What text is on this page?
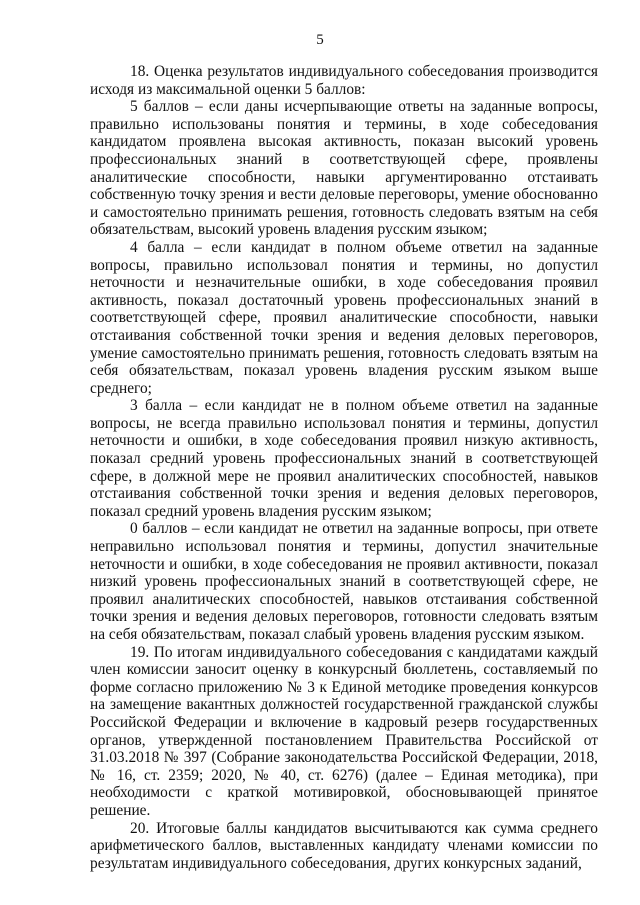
5

18. Оценка результатов индивидуального собеседования производится исходя из максимальной оценки 5 баллов:

5 баллов – если даны исчерпывающие ответы на заданные вопросы, правильно использованы понятия и термины, в ходе собеседования кандидатом проявлена высокая активность, показан высокий уровень профессиональных знаний в соответствующей сфере, проявлены аналитические способности, навыки аргументированно отстаивать собственную точку зрения и вести деловые переговоры, умение обоснованно и самостоятельно принимать решения, готовность следовать взятым на себя обязательствам, высокий уровень владения русским языком;

4 балла – если кандидат в полном объеме ответил на заданные вопросы, правильно использовал понятия и термины, но допустил неточности и незначительные ошибки, в ходе собеседования проявил активность, показал достаточный уровень профессиональных знаний в соответствующей сфере, проявил аналитические способности, навыки отстаивания собственной точки зрения и ведения деловых переговоров, умение самостоятельно принимать решения, готовность следовать взятым на себя обязательствам, показал уровень владения русским языком выше среднего;

3 балла – если кандидат не в полном объеме ответил на заданные вопросы, не всегда правильно использовал понятия и термины, допустил неточности и ошибки, в ходе собеседования проявил низкую активность, показал средний уровень профессиональных знаний в соответствующей сфере, в должной мере не проявил аналитических способностей, навыков отстаивания собственной точки зрения и ведения деловых переговоров, показал средний уровень владения русским языком;

0 баллов – если кандидат не ответил на заданные вопросы, при ответе неправильно использовал понятия и термины, допустил значительные неточности и ошибки, в ходе собеседования не проявил активности, показал низкий уровень профессиональных знаний в соответствующей сфере, не проявил аналитических способностей, навыков отстаивания собственной точки зрения и ведения деловых переговоров, готовности следовать взятым на себя обязательствам, показал слабый уровень владения русским языком.

19. По итогам индивидуального собеседования с кандидатами каждый член комиссии заносит оценку в конкурсный бюллетень, составляемый по форме согласно приложению № 3 к Единой методике проведения конкурсов на замещение вакантных должностей государственной гражданской службы Российской Федерации и включение в кадровый резерв государственных органов, утвержденной постановлением Правительства Российской от 31.03.2018 № 397 (Собрание законодательства Российской Федерации, 2018, № 16, ст. 2359; 2020, № 40, ст. 6276) (далее – Единая методика), при необходимости с краткой мотивировкой, обосновывающей принятое решение.

20. Итоговые баллы кандидатов высчитываются как сумма среднего арифметического баллов, выставленных кандидату членами комиссии по результатам индивидуального собеседования, других конкурсных заданий,
